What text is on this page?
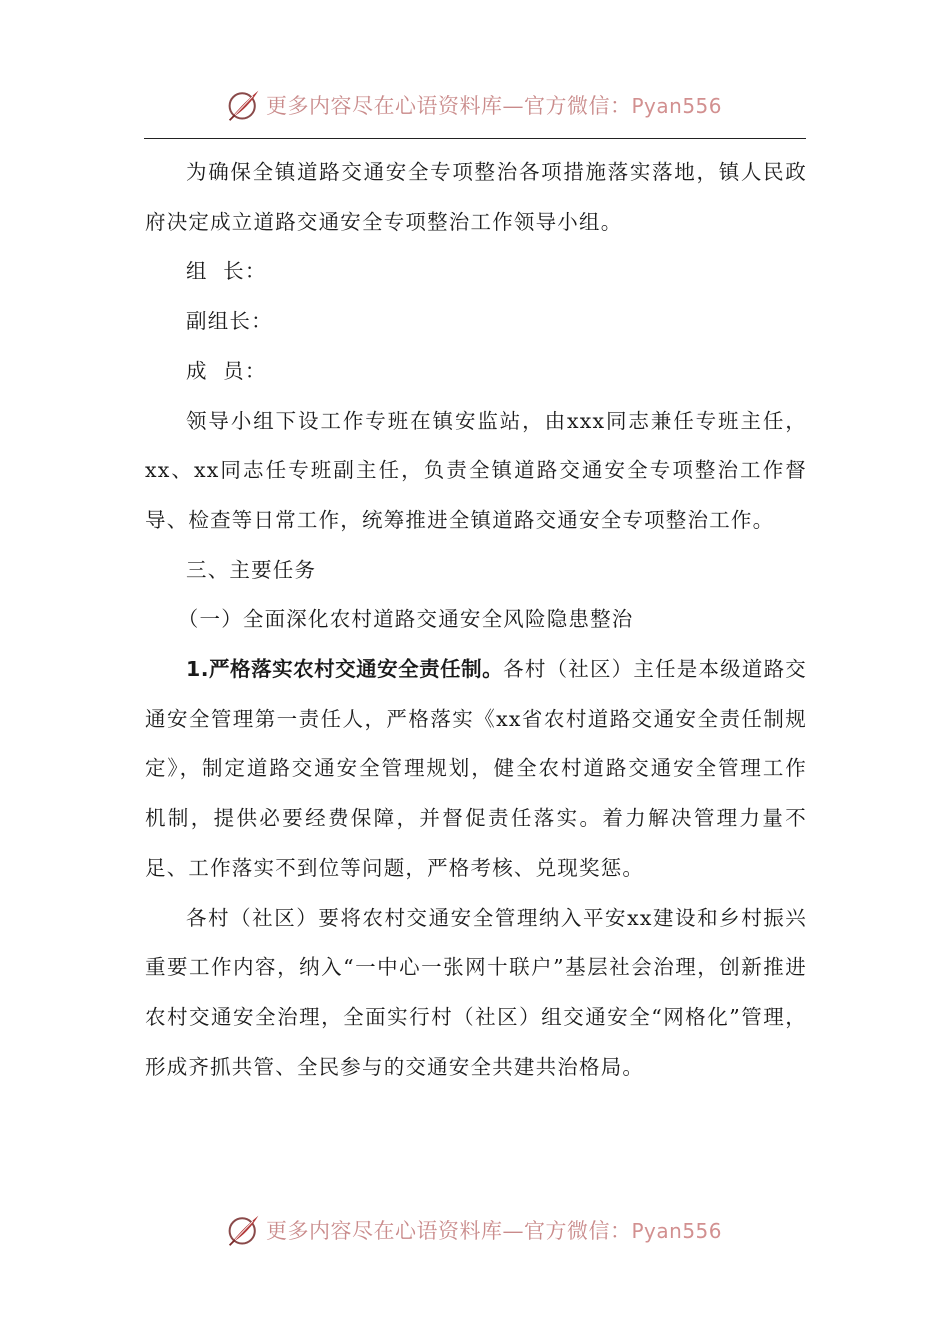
更多内容尽在心语资料库—官方微信：Pyan556

为确保全镇道路交通安全专项整治各项措施落实落地，镇人民政府决定成立道路交通安全专项整治工作领导小组。

组  长：

副组长：

成  员：

领导小组下设工作专班在镇安监站，由xxx同志兼任专班主任，xx、xx同志任专班副主任，负责全镇道路交通安全专项整治工作督导、检查等日常工作，统筹推进全镇道路交通安全专项整治工作。

三、主要任务

（一）全面深化农村道路交通安全风险隐患整治

1.严格落实农村交通安全责任制。各村（社区）主任是本级道路交通安全管理第一责任人，严格落实《xx省农村道路交通安全责任制规定》，制定道路交通安全管理规划，健全农村道路交通安全管理工作机制，提供必要经费保障，并督促责任落实。着力解决管理力量不足、工作落实不到位等问题，严格考核、兑现奖惩。

各村（社区）要将农村交通安全管理纳入平安xx建设和乡村振兴重要工作内容，纳入“一中心一张网十联户”基层社会治理，创新推进农村交通安全治理，全面实行村（社区）组交通安全“网格化”管理，形成齐抓共管、全民参与的交通安全共建共治格局。

更多内容尽在心语资料库—官方微信：Pyan556
